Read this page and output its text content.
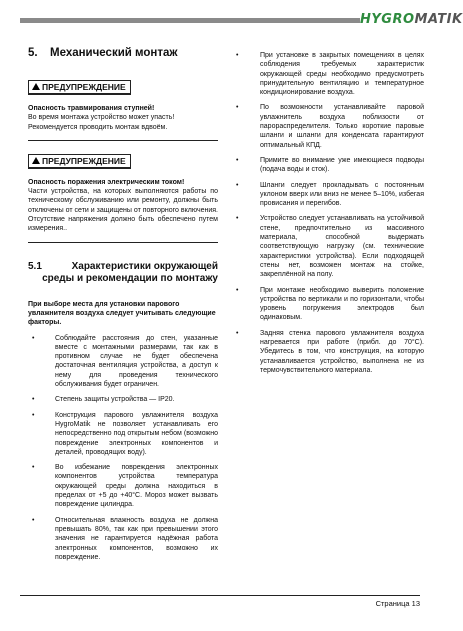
HYGROMATIK
5. Механический монтаж
ПРЕДУПРЕЖДЕНИЕ

Опасность травмирования ступней!

Во время монтажа устройство может упасть! Рекомендуется проводить монтаж вдвоём.

ПРЕДУПРЕЖДЕНИЕ

Опасность поражения электрическим током!

Части устройства, на которых выполняются работы по техническому обслуживанию или ремонту, должны быть отключены от сети и защищены от повторного включения. Отсутствие напряжения должно быть обеспечено путем измерения..

5.1	Характеристики окружающей среды и рекомендации по монтажу

При выборе места для установки парового увлажнителя воздуха следует учитывать следующие факторы.

•	Соблюдайте расстояния до стен, указанные вместе с монтажными размерами, так как в противном случае не будет обеспечена достаточная вентиляция устройства, а доступ к нему для проведения технического обслуживания будет ограничен.
•	Степень защиты устройства — IP20.
•	Конструкция парового увлажнителя воздуха HygroMatik не позволяет устанавливать его непосредственно под открытым небом (возможно повреждение электронных компонентов и деталей, проводящих воду).
•	Во избежание повреждения электронных компонентов устройства температура окружающей среды должна находиться в пределах от +5 до +40°C. Мороз может вызвать повреждение цилиндра.
•	Относительная влажность воздуха не должна превышать 80%, так как при превышении этого значения не гарантируется надёжная работа электронных компонентов, возможно их повреждение.
•	При установке в закрытых помещениях в целях соблюдения требуемых характеристик окружающей среды необходимо предусмотреть принудительную вентиляцию и температурное кондиционирование воздуха.
•	По возможности устанавливайте паровой увлажнитель воздуха поблизости от парораспределителя. Только короткие паровые шланги и шланги для конденсата гарантируют оптимальный КПД.
•	Примите во внимание уже имеющиеся подводы (подача воды и сток).
•	Шланги следует прокладывать с постоянным уклоном вверх или вниз не менее 5–10%, избегая провисания и перегибов.
•	Устройство следует устанавливать на устойчивой стене, предпочтительно из массивного материала, способной выдержать соответствующую нагрузку (см. технические характеристики устройства). Если подходящей стены нет, возможен монтаж на стойке, закреплённой на полу.
•	При монтаже необходимо выверить положение устройства по вертикали и по горизонтали, чтобы уровень погружения электродов был одинаковым.
•	Задняя стенка парового увлажнителя воздуха нагревается при работе (прибл. до 70°C). Убедитесь в том, что конструкция, на которую устанавливается устройство, выполнена не из термочувствительного материала.
Страница 13
